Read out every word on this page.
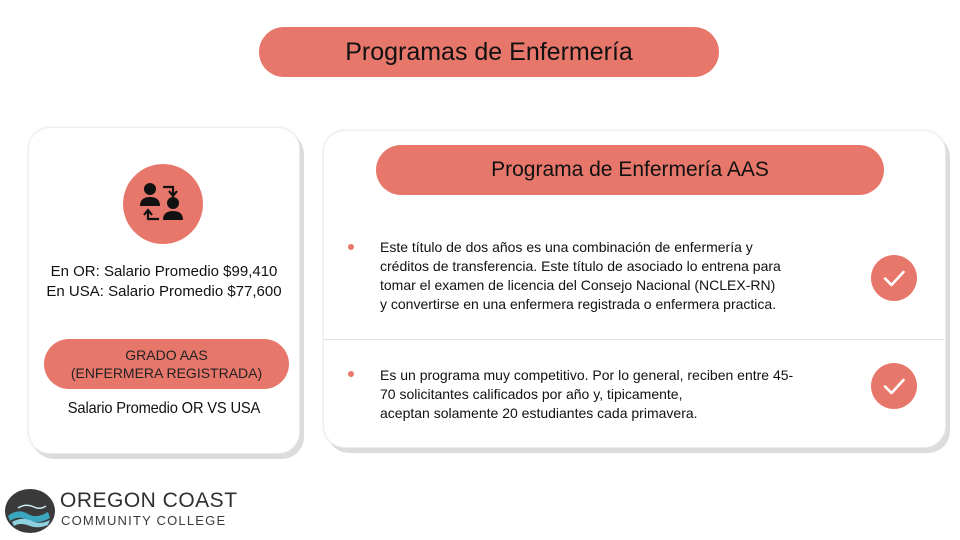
Programas de Enfermería
En OR: Salario Promedio $99,410
En USA: Salario Promedio $77,600
GRADO AAS
(ENFERMERA REGISTRADA)
Salario Promedio OR VS USA
Programa de Enfermería AAS
Este título de dos años es una combinación de enfermería y
créditos de transferencia. Este título de asociado lo entrena para
tomar el examen de licencia del Consejo Nacional (NCLEX-RN)
y convertirse en una enfermera registrada o enfermera practica.
Es un programa muy competitivo. Por lo general, reciben entre 45-
70 solicitantes calificados por año y, tipicamente,
aceptan solamente 20 estudiantes cada primavera.
OREGON COAST
COMMUNITY COLLEGE
